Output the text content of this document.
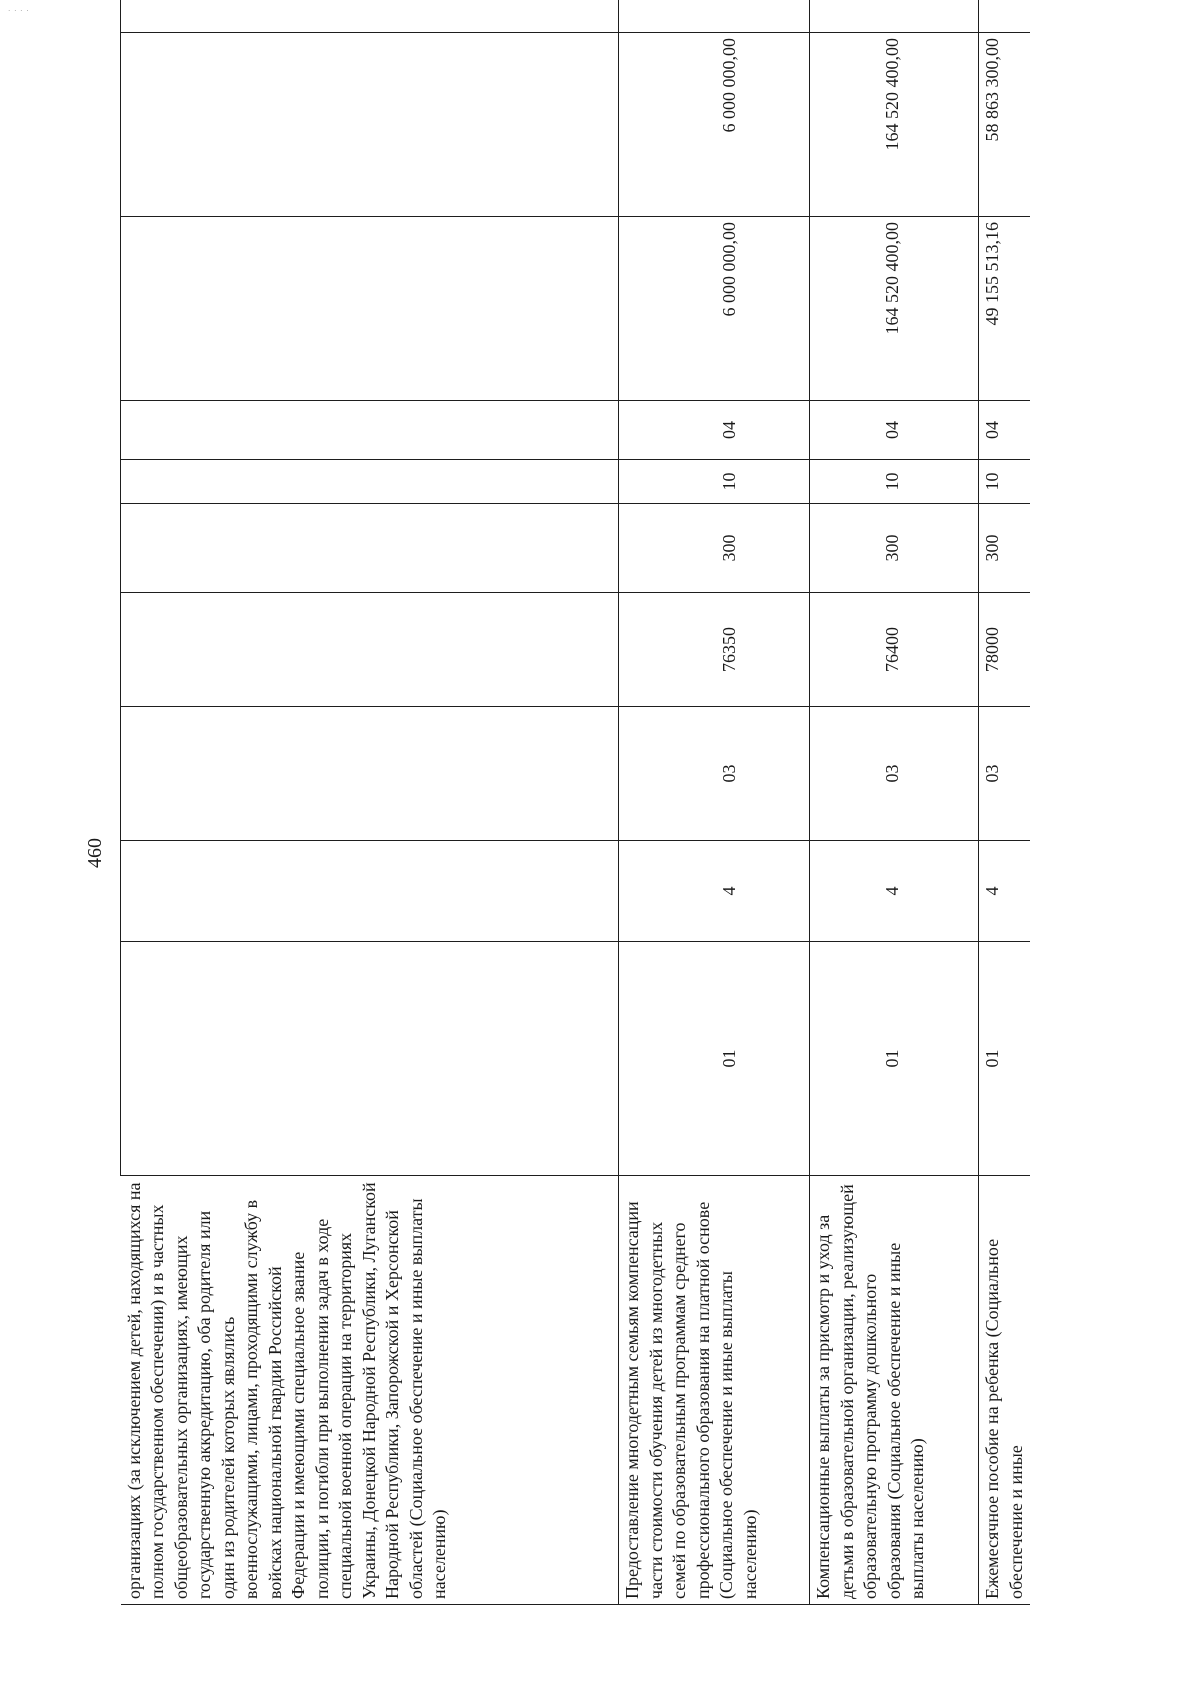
· · · ·
460
организациях (за исключением детей, находящихся на полном государственном обеспечении) и в частных общеобразовательных организациях, имеющих государственную аккредитацию, оба родителя или один из родителей которых являлись военнослужащими, лицами, проходящими службу в войсках национальной гвардии Российской Федерации и имеющими специальное звание полиции, и погибли при выполнении задач в ходе специальной военной операции на территориях Украины, Донецкой Народной Республики, Луганской Народной Республики, Запорожской и Херсонской областей (Социальное обеспечение и иные выплаты населению)										
Предоставление многодетным семьям компенсации части стоимости обучения детей из многодетных семей по образовательным программам среднего профессионального образования на платной основе (Социальное обеспечение и иные выплаты населению)	01	4	03	76350	300	10	04	6 000 000,00	6 000 000,00

Компенсационные выплаты за присмотр и уход за детьми в образовательной организации, реализующей образовательную программу дошкольного образования (Социальное обеспечение и иные выплаты населению)	01	4	03	76400	300	10	04	164 520 400,00	164 520 400,00

Ежемесячное пособие на ребенка (Социальное обеспечение и иные	01	4	03	78000	300	10	04	49 155 513,16	58 863 300,00	
